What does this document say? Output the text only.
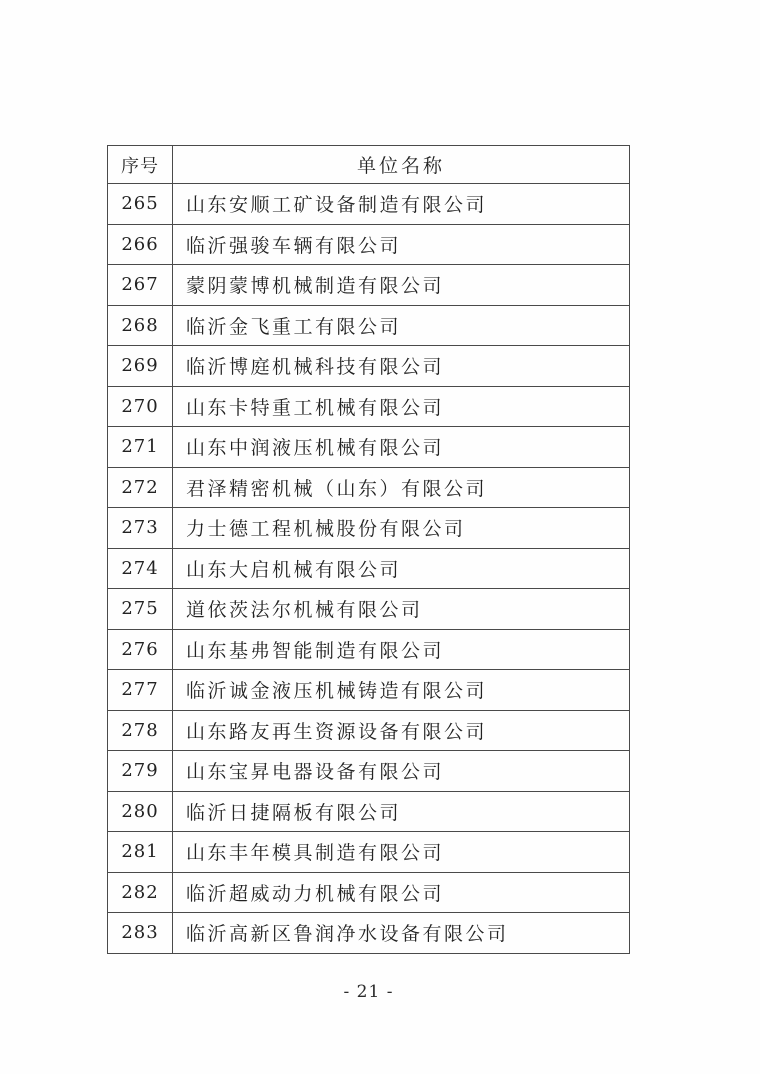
序号	单位名称
265	山东安顺工矿设备制造有限公司
266	临沂强骏车辆有限公司
267	蒙阴蒙博机械制造有限公司
268	临沂金飞重工有限公司
269	临沂博庭机械科技有限公司
270	山东卡特重工机械有限公司
271	山东中润液压机械有限公司
272	君泽精密机械（山东）有限公司
273	力士德工程机械股份有限公司
274	山东大启机械有限公司
275	道依茨法尔机械有限公司
276	山东基弗智能制造有限公司
277	临沂诚金液压机械铸造有限公司
278	山东路友再生资源设备有限公司
279	山东宝昇电器设备有限公司
280	临沂日捷隔板有限公司
281	山东丰年模具制造有限公司
282	临沂超威动力机械有限公司
283	临沂高新区鲁润净水设备有限公司
- 21 -
